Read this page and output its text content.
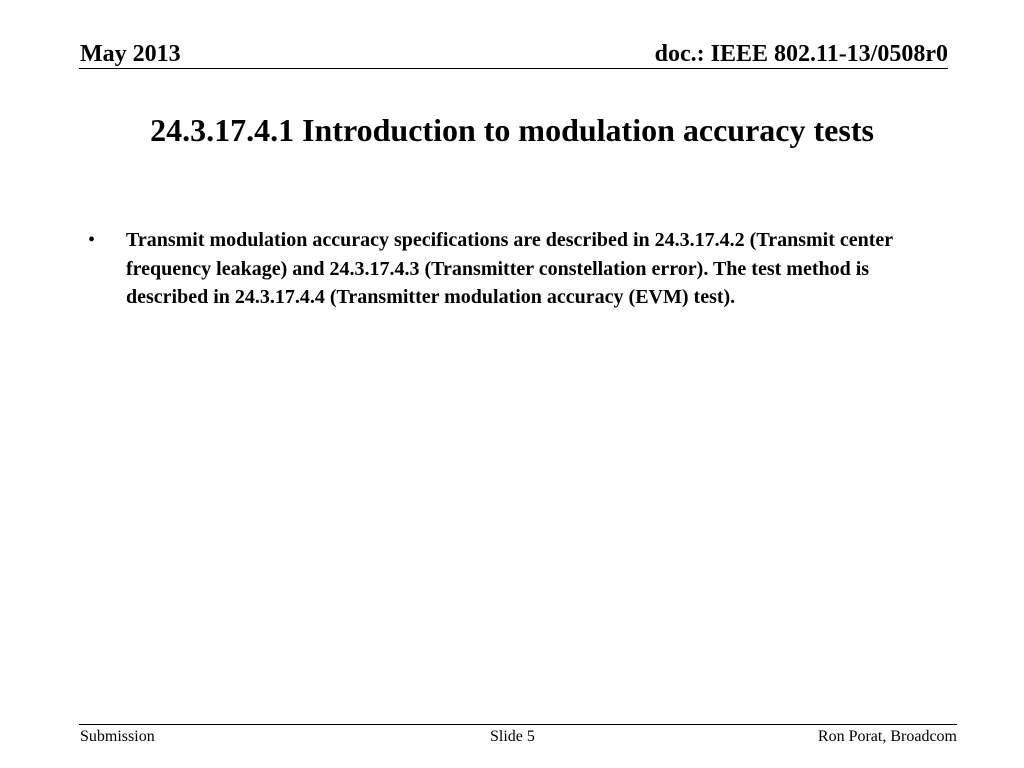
May 2013	doc.: IEEE 802.11-13/0508r0
24.3.17.4.1 Introduction to modulation accuracy tests
• Transmit modulation accuracy specifications are described in 24.3.17.4.2 (Transmit center frequency leakage) and 24.3.17.4.3 (Transmitter constellation error). The test method is described in 24.3.17.4.4 (Transmitter modulation accuracy (EVM) test).
Submission	Slide 5	Ron Porat, Broadcom
